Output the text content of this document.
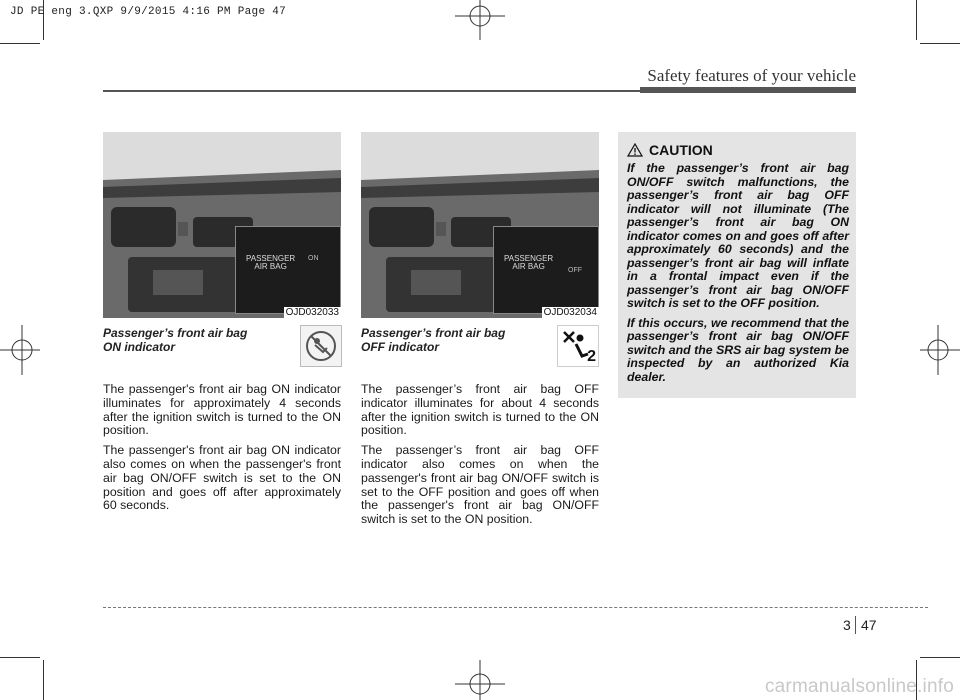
JD PE eng 3.QXP 9/9/2015 4:16 PM Page 47
Safety features of your vehicle
PASSENGER
AIR BAG
ON
OJD032033
PASSENGER
AIR BAG	OFF
OJD032034
Passenger’s front air bag
ON indicator
Passenger’s front air bag
OFF indicator
2

The passenger's front air bag ON indicator illuminates for approximately 4 seconds after the ignition switch is turned to the ON position.

The passenger's front air bag ON indicator also comes on when the passenger's front air bag ON/OFF switch is set to the ON position and goes off after approximately 60 seconds.

The passenger’s front air bag OFF indicator illuminates for about 4 seconds after the ignition switch is turned to the ON position.

The passenger’s front air bag OFF indicator also comes on when the passenger's front air bag ON/OFF switch is set to the OFF position and goes off when the passenger's front air bag ON/OFF switch is set to the ON position.

CAUTION

If the passenger’s front air bag ON/OFF switch malfunctions, the passenger’s front air bag OFF indicator will not illuminate (The passenger’s front air bag ON indicator comes on and goes off after approximately 60 seconds) and the passenger’s front air bag will inflate in a frontal impact even if the passenger’s front air bag ON/OFF switch is set to the OFF position.

If this occurs, we recommend that the passenger’s front air bag ON/OFF switch and the SRS air bag system be inspected by an authorized Kia dealer.

3 47
carmanualsonline.info
